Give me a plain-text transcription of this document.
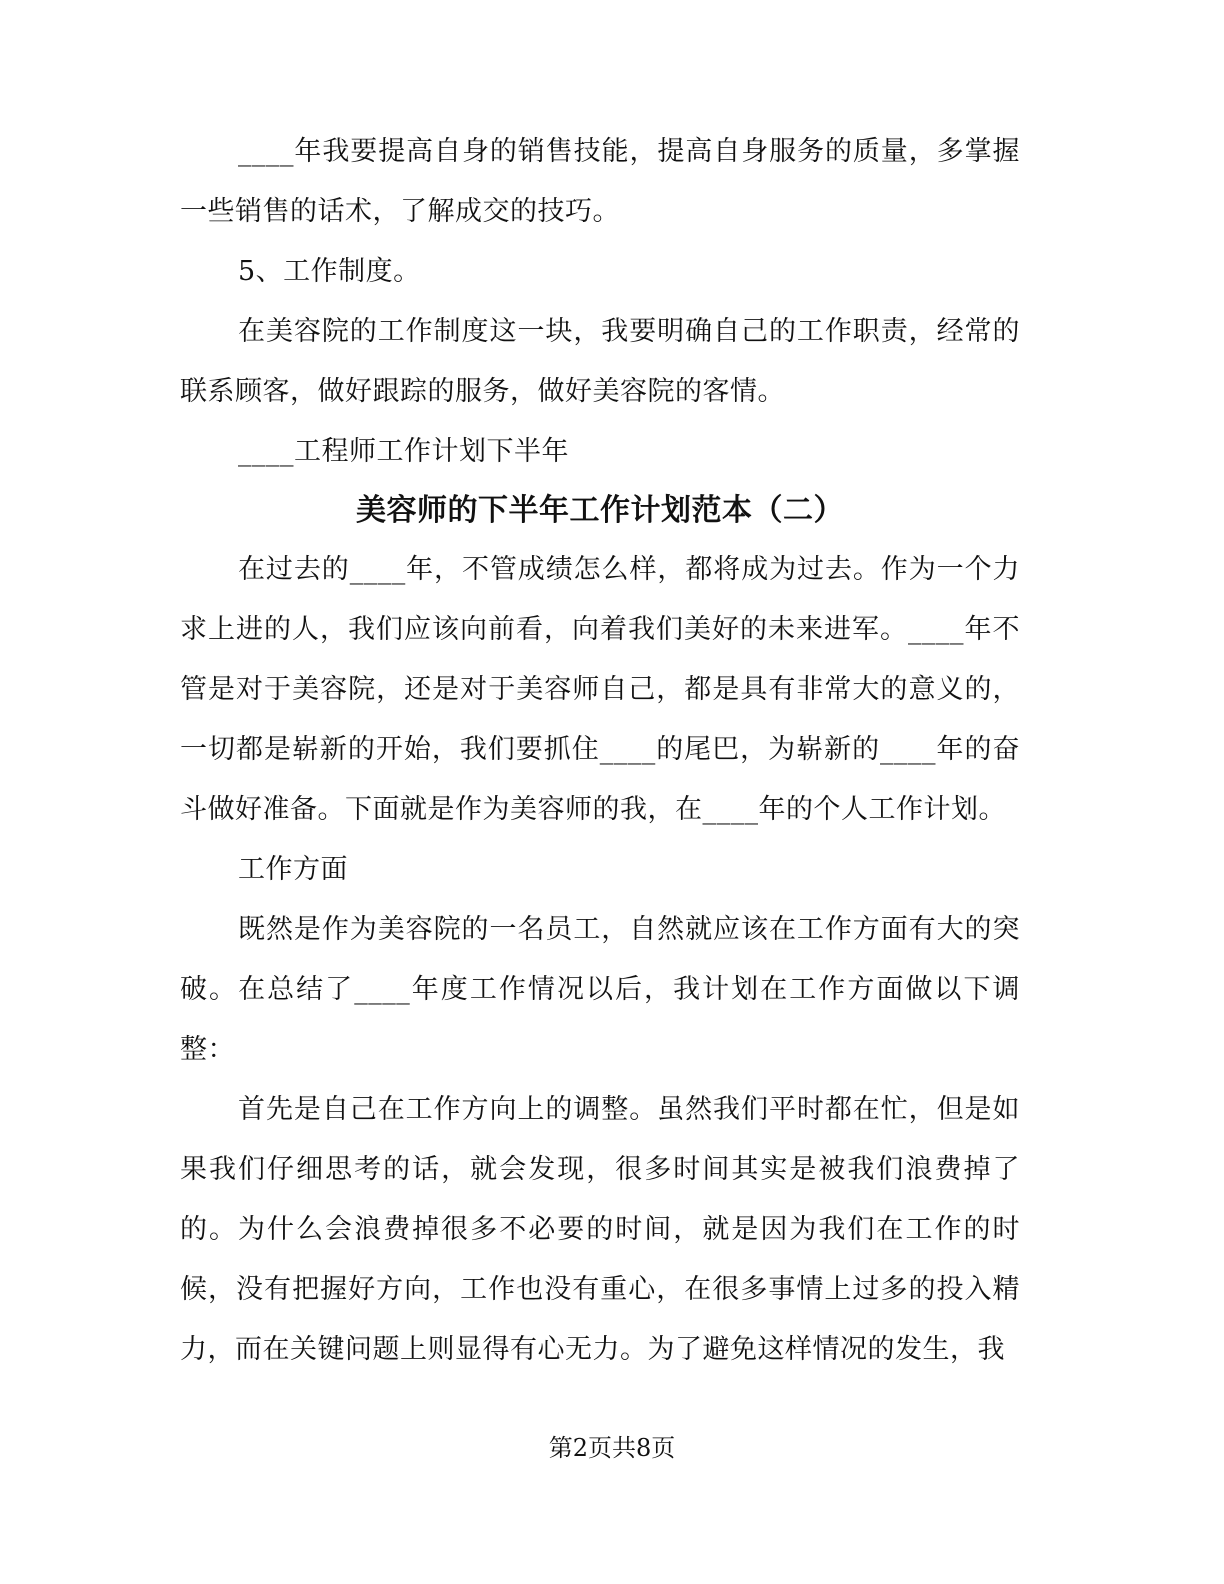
____年我要提高自身的销售技能，提高自身服务的质量，多掌握一些销售的话术，了解成交的技巧。

5、工作制度。

在美容院的工作制度这一块，我要明确自己的工作职责，经常的联系顾客，做好跟踪的服务，做好美容院的客情。

____工程师工作计划下半年

美容师的下半年工作计划范本（二）

在过去的____年，不管成绩怎么样，都将成为过去。作为一个力求上进的人，我们应该向前看，向着我们美好的未来进军。____年不管是对于美容院，还是对于美容师自己，都是具有非常大的意义的，一切都是崭新的开始，我们要抓住____的尾巴，为崭新的____年的奋斗做好准备。下面就是作为美容师的我，在____年的个人工作计划。

工作方面

既然是作为美容院的一名员工，自然就应该在工作方面有大的突破。在总结了____年度工作情况以后，我计划在工作方面做以下调整：

首先是自己在工作方向上的调整。虽然我们平时都在忙，但是如果我们仔细思考的话，就会发现，很多时间其实是被我们浪费掉了的。为什么会浪费掉很多不必要的时间，就是因为我们在工作的时候，没有把握好方向，工作也没有重心，在很多事情上过多的投入精力，而在关键问题上则显得有心无力。为了避免这样情况的发生，我

第2页共8页
